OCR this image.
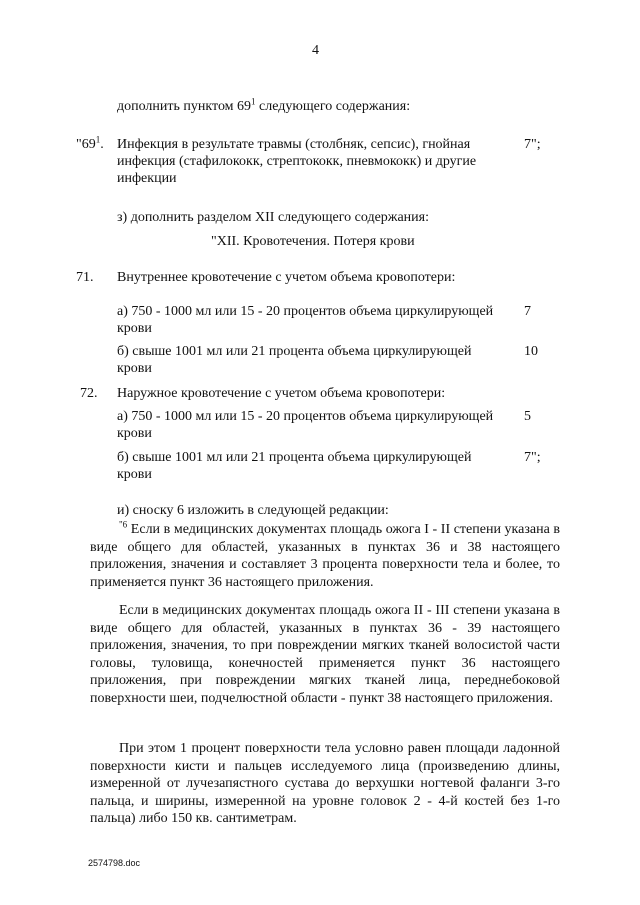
4
дополнить пунктом $69^1$ следующего содержания:
"$69^1$. Инфекция в результате травмы (столбняк, сепсис), гнойная инфекция (стафилококк, стрептококк, пневмококк) и другие инфекции
7";
з) дополнить разделом XII следующего содержания:
"XII. Кровотечения. Потеря крови
71. Внутреннее кровотечение с учетом объема кровопотери:
а) 750 - 1000 мл или 15 - 20 процентов объема циркулирующей крови
7
б) свыше 1001 мл или 21 процента объема циркулирующей крови
10
72. Наружное кровотечение с учетом объема кровопотери:
а) 750 - 1000 мл или 15 - 20 процентов объема циркулирующей крови
5
б) свыше 1001 мл или 21 процента объема циркулирующей крови
7";
и) сноску 6 изложить в следующей редакции:
$^{"6}$ Если в медицинских документах площадь ожога I - II степени указана в виде общего для областей, указанных в пунктах 36 и 38 настоящего приложения, значения и составляет 3 процента поверхности тела и более, то применяется пункт 36 настоящего приложения.
Если в медицинских документах площадь ожога II - III степени указана в виде общего для областей, указанных в пунктах 36 - 39 настоящего приложения, значения, то при повреждении мягких тканей волосистой части головы, туловища, конечностей применяется пункт 36 настоящего приложения, при повреждении мягких тканей лица, переднебоковой поверхности шеи, подчелюстной области - пункт 38 настоящего приложения.
При этом 1 процент поверхности тела условно равен площади ладонной поверхности кисти и пальцев исследуемого лица (произведению длины, измеренной от лучезапястного сустава до верхушки ногтевой фаланги 3-го пальца, и ширины, измеренной на уровне головок 2 - 4-й костей без 1-го пальца) либо 150 кв. сантиметрам.
2574798.doc
